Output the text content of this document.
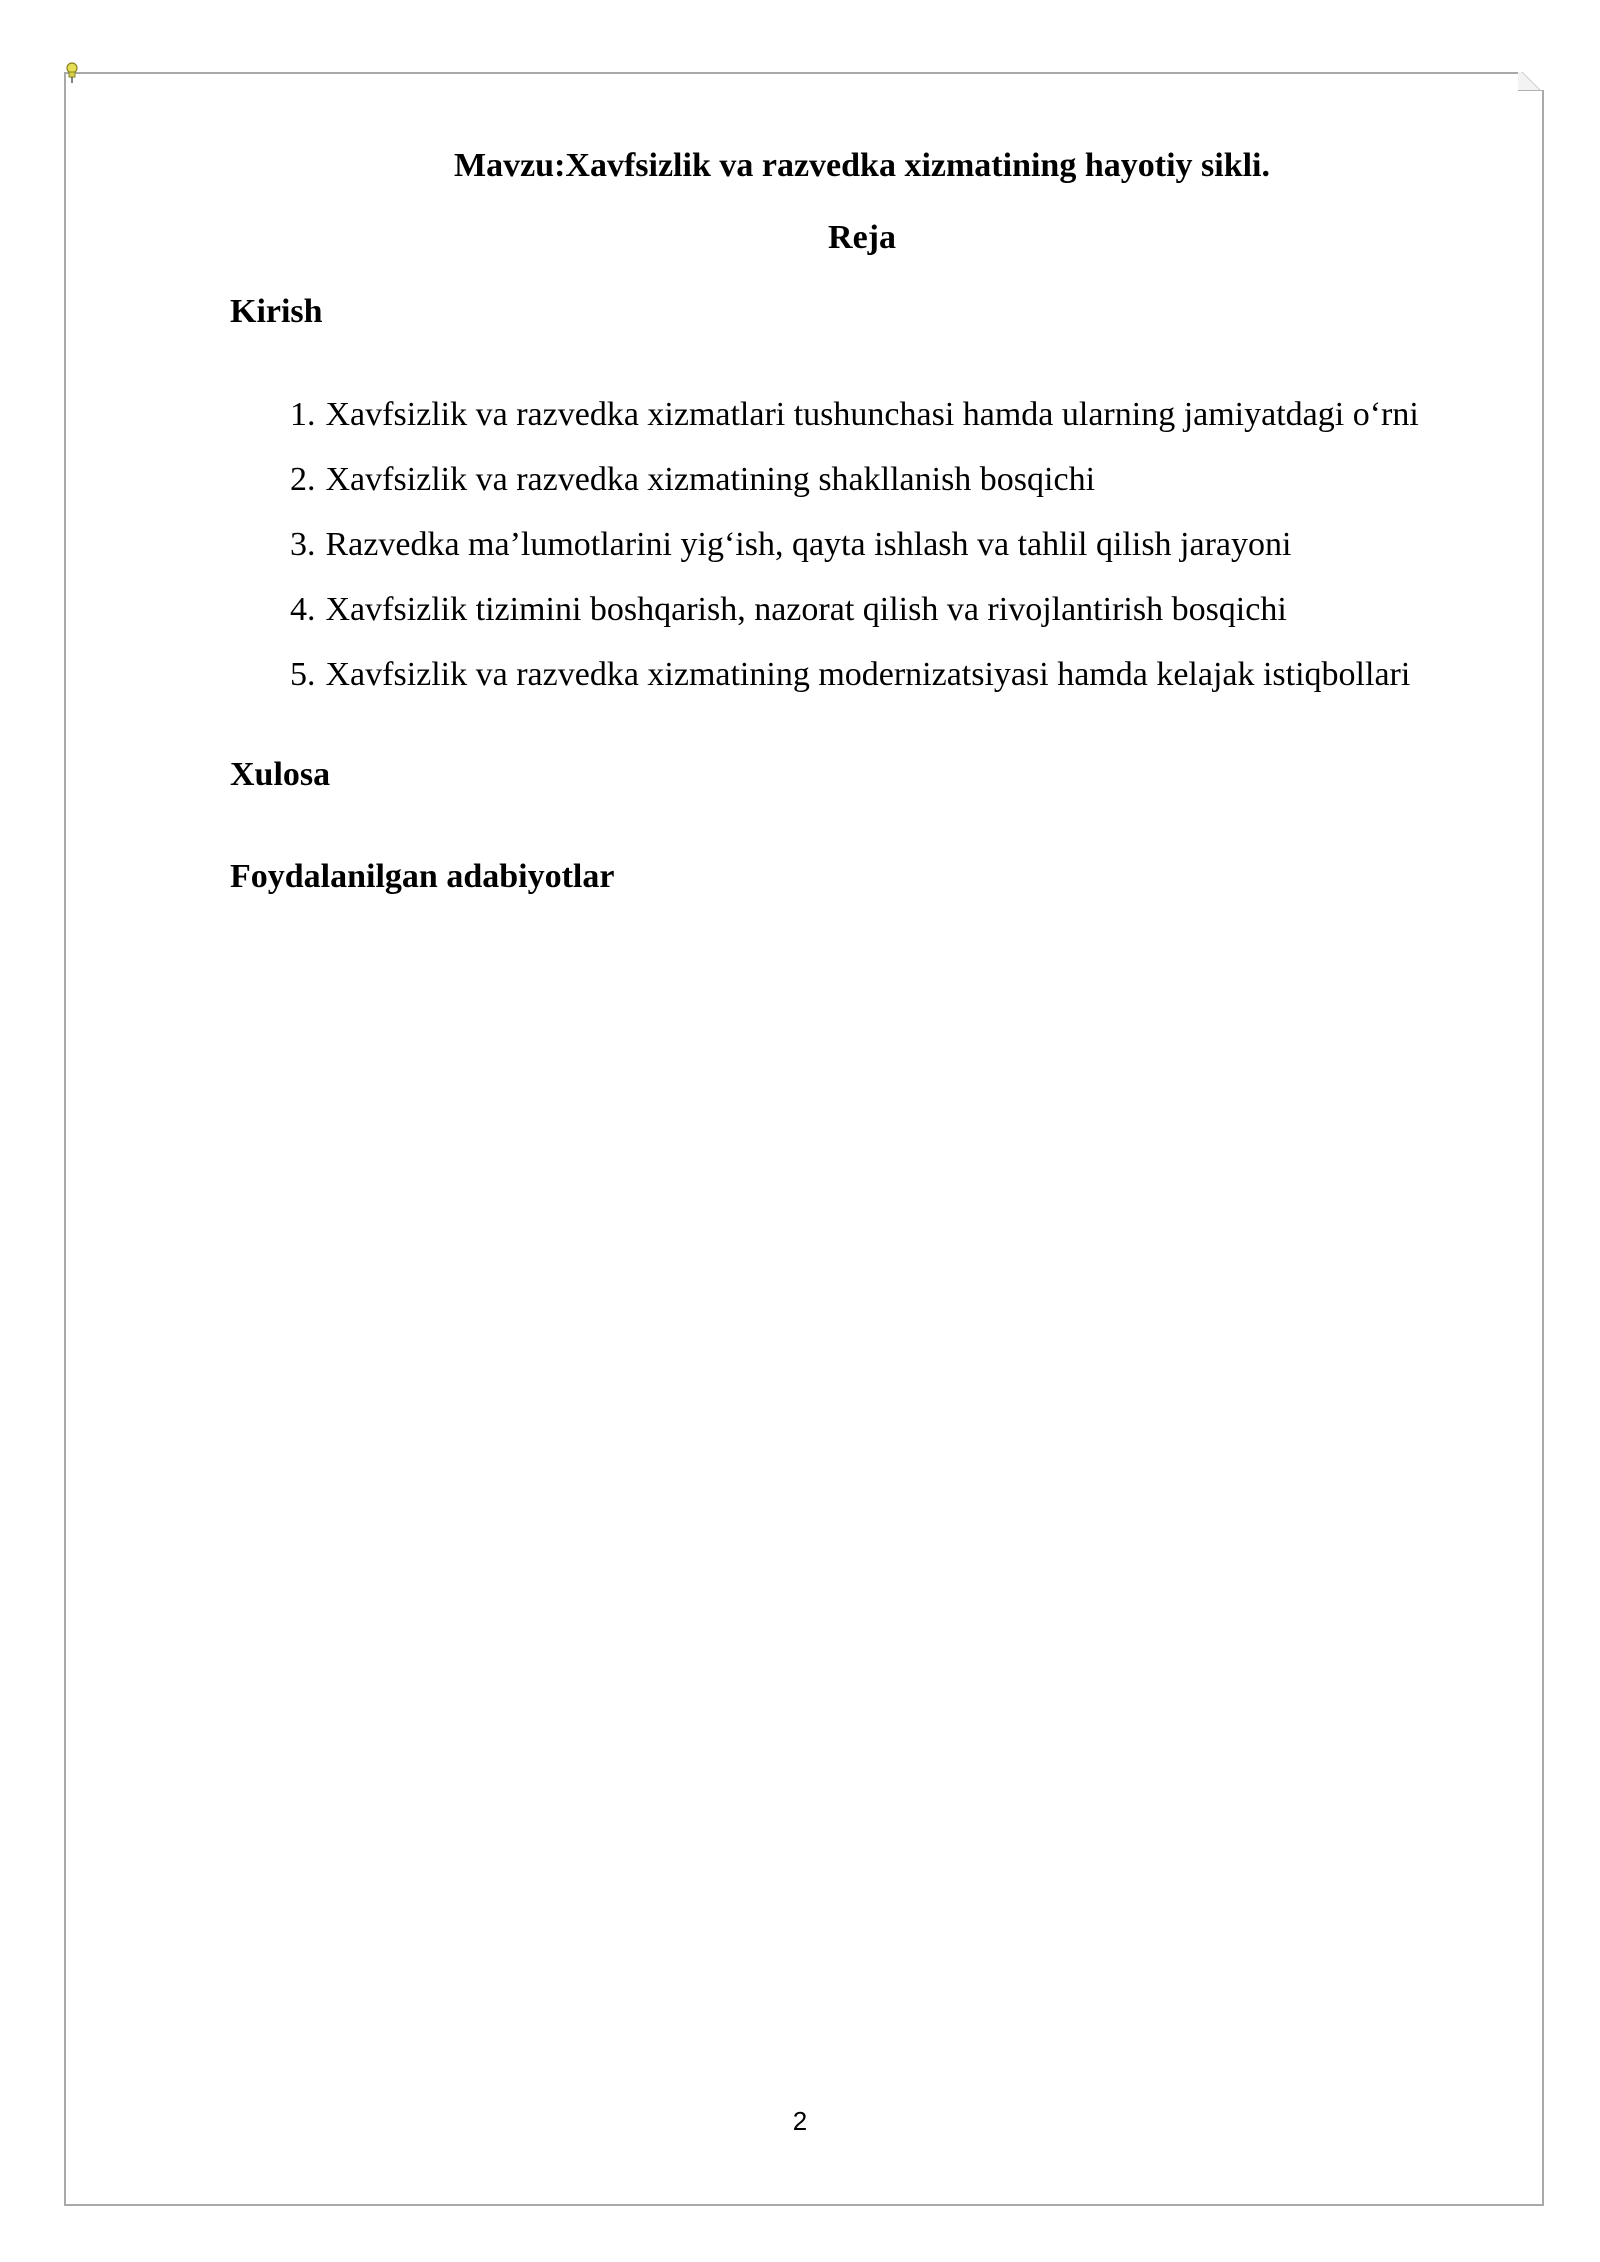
Mavzu:Xavfsizlik va razvedka xizmatining hayotiy sikli.
Reja
Kirish
1. Xavfsizlik va razvedka xizmatlari tushunchasi hamda ularning jamiyatdagi o‘rni
2. Xavfsizlik va razvedka xizmatining shakllanish bosqichi
3. Razvedka ma’lumotlarini yig‘ish, qayta ishlash va tahlil qilish jarayoni
4. Xavfsizlik tizimini boshqarish, nazorat qilish va rivojlantirish bosqichi
5. Xavfsizlik va razvedka xizmatining modernizatsiyasi hamda kelajak istiqbollari
Xulosa
Foydalanilgan adabiyotlar
2
